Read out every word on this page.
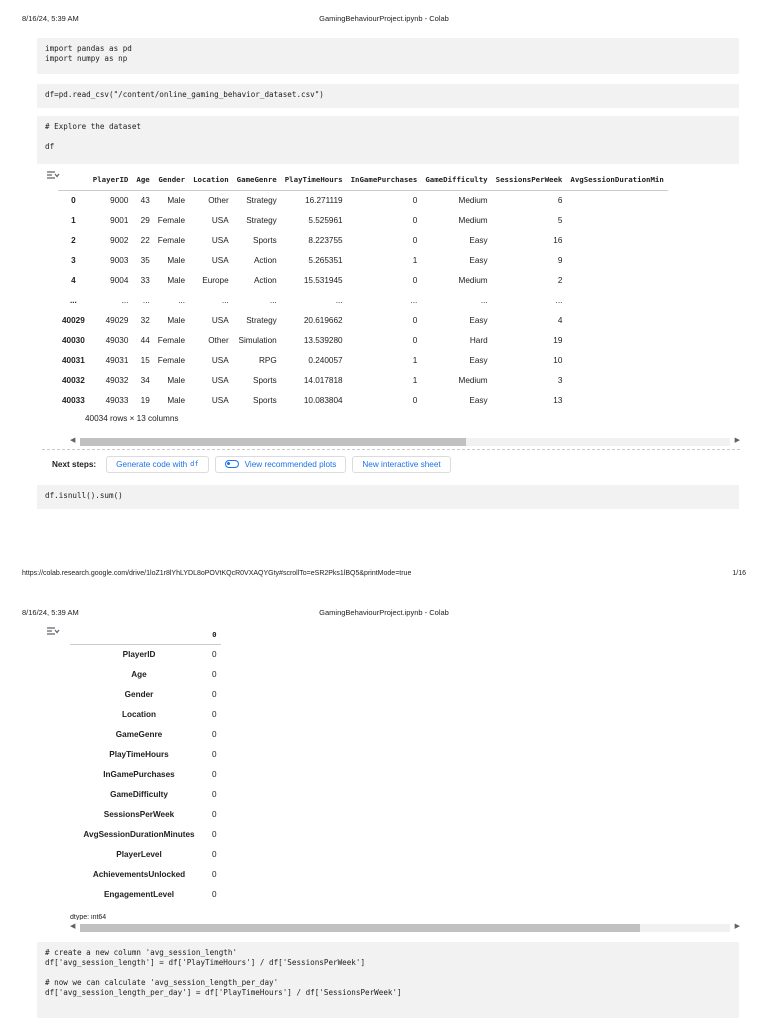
8/16/24, 5:39 AM	GamingBehaviourProject.ipynb - Colab
import pandas as pd
import numpy as np
df=pd.read_csv("/content/online_gaming_behavior_dataset.csv")
# Explore the dataset

df
	PlayerID	Age	Gender	Location	GameGenre	PlayTimeHours	InGamePurchases	GameDifficulty	SessionsPerWeek	AvgSessionDurationMin
0	9000	43	Male	Other	Strategy	16.271119	0	Medium	6	
1	9001	29	Female	USA	Strategy	5.525961	0	Medium	5	
2	9002	22	Female	USA	Sports	8.223755	0	Easy	16	
3	9003	35	Male	USA	Action	5.265351	1	Easy	9	
4	9004	33	Male	Europe	Action	15.531945	0	Medium	2	
...	...	...	...	...	...	...	...	...	...	
40029	49029	32	Male	USA	Strategy	20.619662	0	Easy	4	
40030	49030	44	Female	Other	Simulation	13.539280	0	Hard	19	
40031	49031	15	Female	USA	RPG	0.240057	1	Easy	10	
40032	49032	34	Male	USA	Sports	14.017818	1	Medium	3	
40033	49033	19	Male	USA	Sports	10.083804	0	Easy	13	
40034 rows × 13 columns
◀	▶
Next steps: Generate code with df	View recommended plots	New interactive sheet
df.isnull().sum()
https://colab.research.google.com/drive/1loZ1r8lYhLYDL8oPOVtKQcR0VXAQYGty#scrollTo=eSR2Pks1lBQ5&printMode=true	1/16
8/16/24, 5:39 AM	GamingBehaviourProject.ipynb - Colab
	0
PlayerID	0
Age	0
Gender	0
Location	0
GameGenre	0
PlayTimeHours	0
InGamePurchases	0
GameDifficulty	0
SessionsPerWeek	0
AvgSessionDurationMinutes	0
PlayerLevel	0
AchievementsUnlocked	0
EngagementLevel	0
dtype: int64
◀	▶
# create a new column 'avg_session_length'
df['avg_session_length'] = df['PlayTimeHours'] / df['SessionsPerWeek']

# now we can calculate 'avg_session_length_per_day'
df['avg_session_length_per_day'] = df['PlayTimeHours'] / df['SessionsPerWeek']
